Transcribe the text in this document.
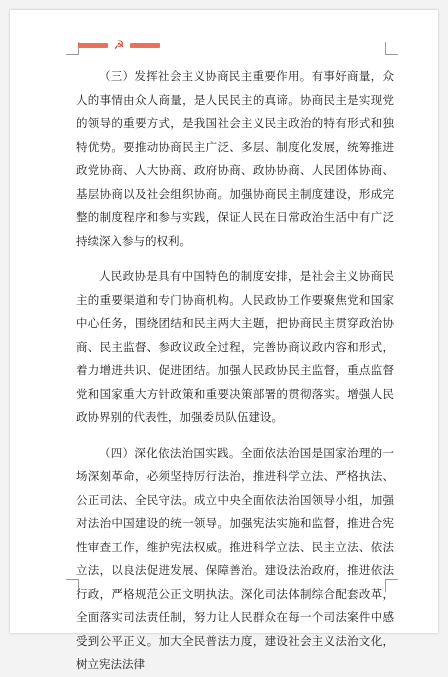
☭

（三）发挥社会主义协商民主重要作用。有事好商量，众人的事情由众人商量，是人民民主的真谛。协商民主是实现党的领导的重要方式，是我国社会主义民主政治的特有形式和独特优势。要推动协商民主广泛、多层、制度化发展，统筹推进政党协商、人大协商、政府协商、政协协商、人民团体协商、基层协商以及社会组织协商。加强协商民主制度建设，形成完整的制度程序和参与实践，保证人民在日常政治生活中有广泛持续深入参与的权利。

人民政协是具有中国特色的制度安排，是社会主义协商民主的重要渠道和专门协商机构。人民政协工作要聚焦党和国家中心任务，围绕团结和民主两大主题，把协商民主贯穿政治协商、民主监督、参政议政全过程，完善协商议政内容和形式，着力增进共识、促进团结。加强人民政协民主监督，重点监督党和国家重大方针政策和重要决策部署的贯彻落实。增强人民政协界别的代表性，加强委员队伍建设。

（四）深化依法治国实践。全面依法治国是国家治理的一场深刻革命，必须坚持厉行法治，推进科学立法、严格执法、公正司法、全民守法。成立中央全面依法治国领导小组，加强对法治中国建设的统一领导。加强宪法实施和监督，推进合宪性审查工作，维护宪法权威。推进科学立法、民主立法、依法立法，以良法促进发展、保障善治。建设法治政府，推进依法行政，严格规范公正文明执法。深化司法体制综合配套改革，全面落实司法责任制，努力让人民群众在每一个司法案件中感受到公平正义。加大全民普法力度，建设社会主义法治文化，树立宪法法律
